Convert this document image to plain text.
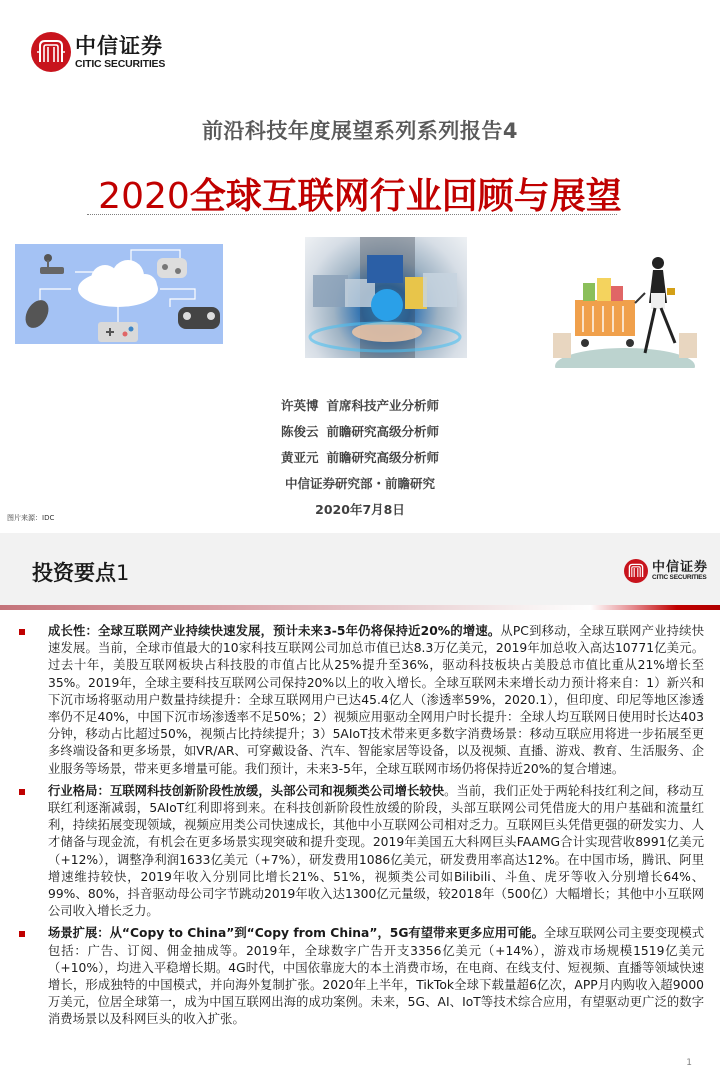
中信证券
CITIC SECURITIES
前沿科技年度展望系列系列报告4
2020全球互联网行业回顾与展望
许英博 首席科技产业分析师
陈俊云 前瞻研究高级分析师
黄亚元 前瞻研究高级分析师
中信证券研究部・前瞻研究
2020年7月8日
图片来源：IDC
投资要点1	中信证券
CITIC SECURITIES
成长性：全球互联网产业持续快速发展，预计未来3-5年仍将保持近20%的增速。从PC到移动，全球互联网产业持续快速发展。当前，全球市值最大的10家科技互联网公司加总市值已达8.3万亿美元，2019年加总收入高达10771亿美元。过去十年，美股互联网板块占科技股的市值占比从25%提升至36%，驱动科技板块占美股总市值比重从21%增长至35%。2019年，全球主要科技互联网公司保持20%以上的收入增长。全球互联网未来增长动力预计将来自：1）新兴和下沉市场将驱动用户数量持续提升：全球互联网用户已达45.4亿人（渗透率59%，2020.1），但印度、印尼等地区渗透率仍不足40%，中国下沉市场渗透率不足50%；2）视频应用驱动全网用户时长提升：全球人均互联网日使用时长达403分钟，移动占比超过50%，视频占比持续提升；3）5AIoT技术带来更多数字消费场景：移动互联应用将进一步拓展至更多终端设备和更多场景，如VR/AR、可穿戴设备、汽车、智能家居等设备，以及视频、直播、游戏、教育、生活服务、企业服务等场景，带来更多增量可能。我们预计，未来3-5年，全球互联网市场仍将保持近20%的复合增速。
行业格局：互联网科技创新阶段性放缓，头部公司和视频类公司增长较快。当前，我们正处于两轮科技红利之间，移动互联红利逐渐减弱，5AIoT红利即将到来。在科技创新阶段性放缓的阶段，头部互联网公司凭借庞大的用户基础和流量红利，持续拓展变现领域，视频应用类公司快速成长，其他中小互联网公司相对乏力。互联网巨头凭借更强的研发实力、人才储备与现金流，有机会在更多场景实现突破和提升变现。2019年美国五大科网巨头FAAMG合计实现营收8991亿美元（+12%），调整净利润1633亿美元（+7%），研发费用1086亿美元，研发费用率高达12%。在中国市场，腾讯、阿里增速维持较快，2019年收入分别同比增长21%、51%，视频类公司如Bilibili、斗鱼、虎牙等收入分别增长64%、99%、80%，抖音驱动母公司字节跳动2019年收入达1300亿元量级，较2018年（500亿）大幅增长；其他中小互联网公司收入增长乏力。
场景扩展：从“Copy to China”到“Copy from China”，5G有望带来更多应用可能。全球互联网公司主要变现模式包括：广告、订阅、佣金抽成等。2019年，全球数字广告开支3356亿美元（+14%），游戏市场规模1519亿美元（+10%），均进入平稳增长期。4G时代，中国依靠庞大的本土消费市场，在电商、在线支付、短视频、直播等领域快速增长，形成独特的中国模式，并向海外复制扩张。2020年上半年，TikTok全球下载量超6亿次，APP月内购收入超9000万美元，位居全球第一，成为中国互联网出海的成功案例。未来，5G、AI、IoT等技术综合应用，有望驱动更广泛的数字消费场景以及科网巨头的收入扩张。
1
